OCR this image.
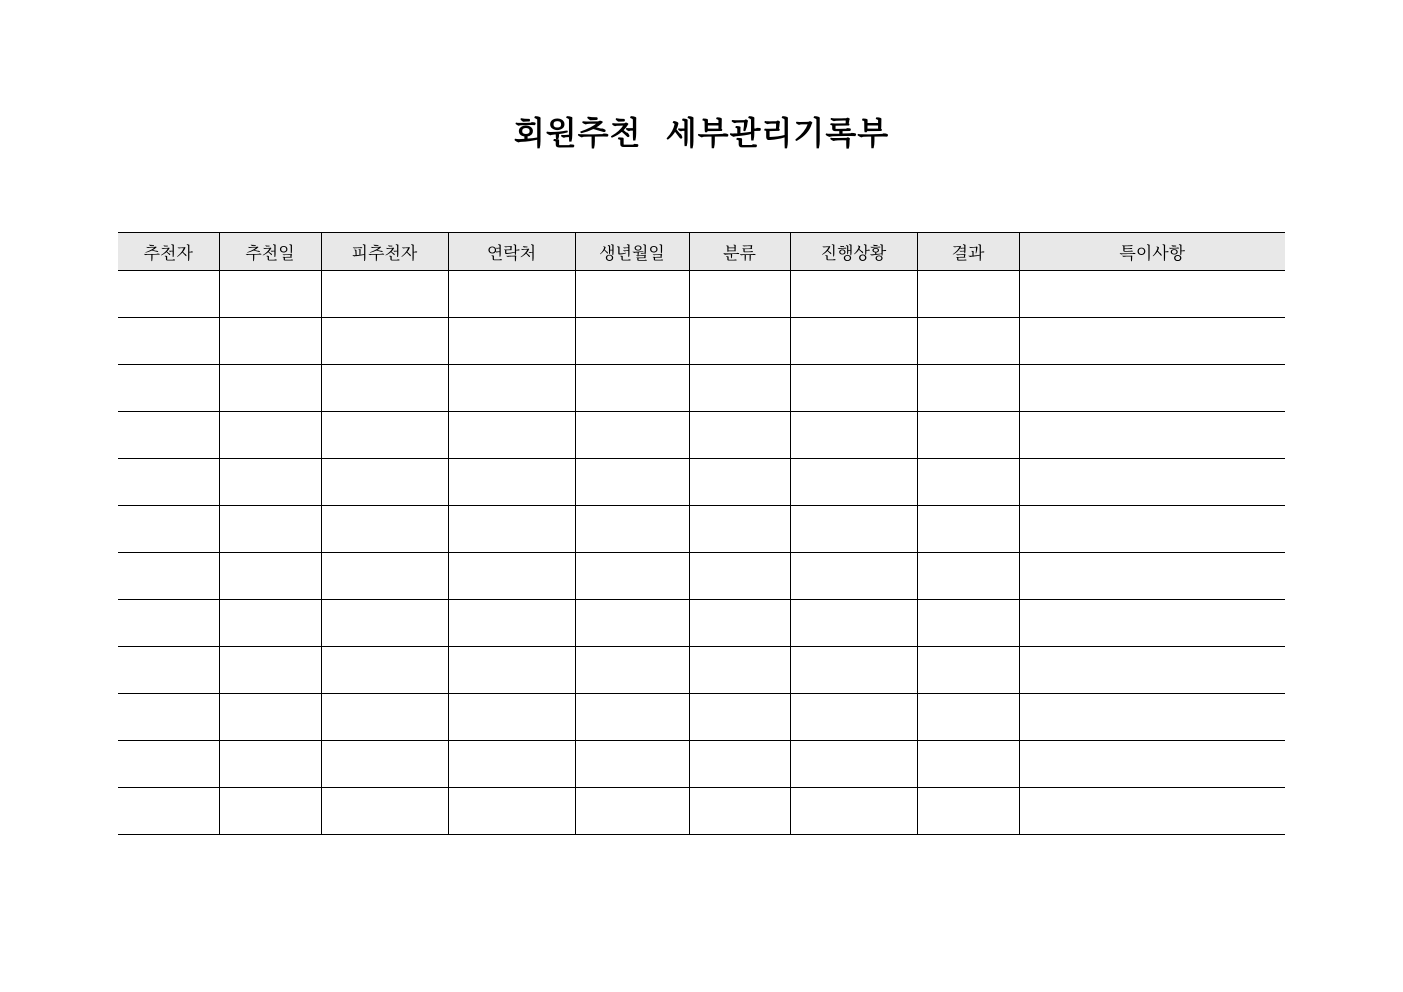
회원추천  세부관리기록부
추천자	추천일	피추천자	연락처	생년월일	분류	진행상황	결과	특이사항
